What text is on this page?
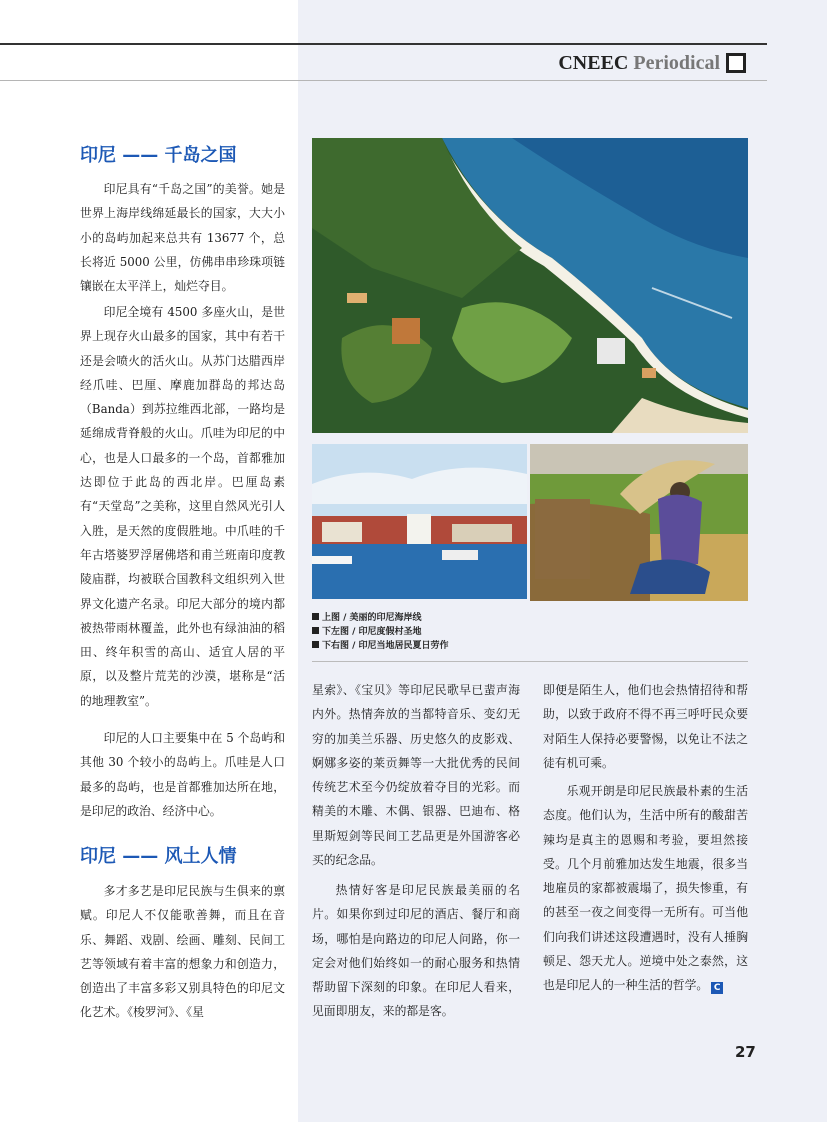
CNEEC Periodical
印尼 —— 千岛之国

印尼具有“千岛之国”的美誉。她是世界上海岸线绵延最长的国家，大大小小的岛屿加起来总共有 13677 个，总长将近 5000 公里，仿佛串串珍珠项链镶嵌在太平洋上，灿烂夺目。

印尼全境有 4500 多座火山，是世界上现存火山最多的国家，其中有若干还是会喷火的活火山。从苏门达腊西岸经爪哇、巴厘、摩鹿加群岛的邦达岛（Banda）到苏拉维西北部，一路均是延绵成背脊般的火山。爪哇为印尼的中心，也是人口最多的一个岛，首都雅加达即位于此岛的西北岸。巴厘岛素有“天堂岛”之美称，这里自然风光引人入胜，是天然的度假胜地。中爪哇的千年古塔婆罗浮屠佛塔和甫兰班南印度教陵庙群，均被联合国教科文组织列入世界文化遗产名录。印尼大部分的境内都被热带雨林覆盖，此外也有绿油油的稻田、终年积雪的高山、适宜人居的平原，以及整片荒芜的沙漠，堪称是“活的地理教室”。

印尼的人口主要集中在 5 个岛屿和其他 30 个较小的岛屿上。爪哇是人口最多的岛屿，也是首都雅加达所在地，是印尼的政治、经济中心。

印尼 —— 风土人情

多才多艺是印尼民族与生俱来的禀赋。印尼人不仅能歌善舞，而且在音乐、舞蹈、戏剧、绘画、雕刻、民间工艺等领域有着丰富的想象力和创造力，创造出了丰富多彩又别具特色的印尼文化艺术。《梭罗河》、《星

上图 / 美丽的印尼海岸线
下左图 / 印尼度假村圣地
下右图 / 印尼当地居民夏日劳作

星索》、《宝贝》等印尼民歌早已蜚声海内外。热情奔放的当都特音乐、变幻无穷的加美兰乐器、历史悠久的皮影戏、婀娜多姿的莱贡舞等一大批优秀的民间传统艺术至今仍绽放着夺目的光彩。而精美的木雕、木偶、银器、巴迪布、格里斯短剑等民间工艺品更是外国游客必买的纪念品。

热情好客是印尼民族最美丽的名片。如果你到过印尼的酒店、餐厅和商场，哪怕是向路边的印尼人问路，你一定会对他们始终如一的耐心服务和热情帮助留下深刻的印象。在印尼人看来，见面即朋友，来的都是客。

即便是陌生人，他们也会热情招待和帮助，以致于政府不得不再三呼吁民众要对陌生人保持必要警惕，以免让不法之徒有机可乘。

乐观开朗是印尼民族最朴素的生活态度。他们认为，生活中所有的酸甜苦辣均是真主的恩赐和考验，要坦然接受。几个月前雅加达发生地震，很多当地雇员的家都被震塌了，损失惨重，有的甚至一夜之间变得一无所有。可当他们向我们讲述这段遭遇时，没有人捶胸顿足、怨天尤人。逆境中处之泰然，这也是印尼人的一种生活的哲学。 C

27
